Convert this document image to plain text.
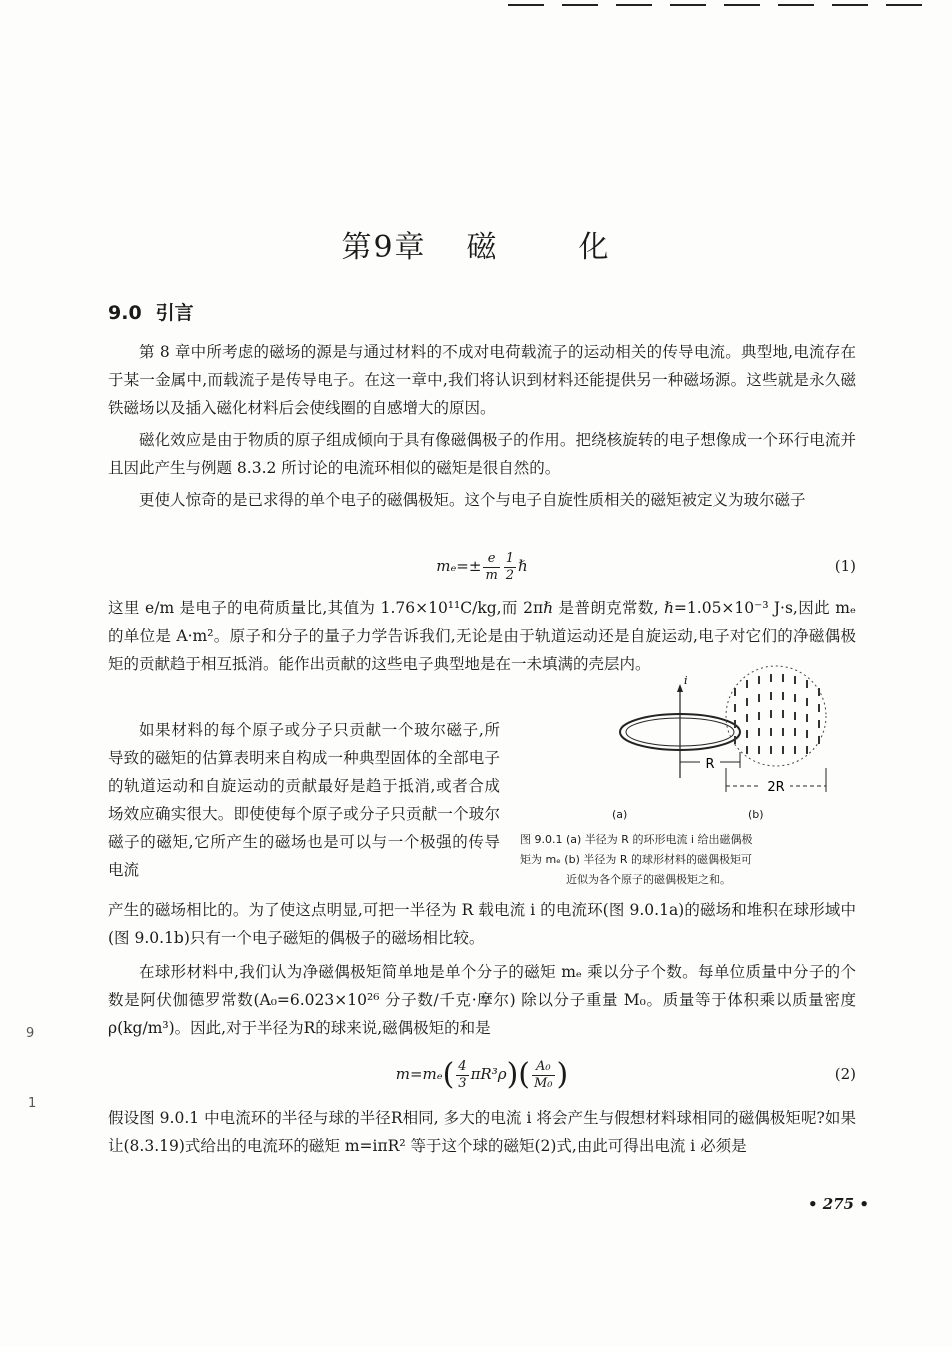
第9章 磁	化
9.0 引言

第 8 章中所考虑的磁场的源是与通过材料的不成对电荷载流子的运动相关的传导电流。典型地,电流存在于某一金属中,而载流子是传导电子。在这一章中,我们将认识到材料还能提供另一种磁场源。这些就是永久磁铁磁场以及插入磁化材料后会使线圈的自感增大的原因。

磁化效应是由于物质的原子组成倾向于具有像磁偶极子的作用。把绕核旋转的电子想像成一个环行电流并且因此产生与例题 8.3.2 所讨论的电流环相似的磁矩是很自然的。

更使人惊奇的是已求得的单个电子的磁偶极矩。这个与电子自旋性质相关的磁矩被定义为玻尔磁子

$m_e=\pm \frac{e}{m} \frac{1}{2}$ ℏ	(1)

这里 e/m 是电子的电荷质量比,其值为 1.76×10¹¹C/kg,而 2πℏ 是普朗克常数, ℏ=1.05×10⁻³ J·s,因此 mₑ 的单位是 A·m²。原子和分子的量子力学告诉我们,无论是由于轨道运动还是自旋运动,电子对它们的净磁偶极矩的贡献趋于相互抵消。能作出贡献的这些电子典型地是在一未填满的壳层内。

如果材料的每个原子或分子只贡献一个玻尔磁子,所导致的磁矩的估算表明来自构成一种典型固体的全部电子的轨道运动和自旋运动的贡献最好是趋于抵消,或者合成场效应确实很大。即使使每个原子或分子只贡献一个玻尔磁子的磁矩,它所产生的磁场也是可以与一个极强的传导电流

R
i
2R
(a)	(b)
图 9.0.1 (a) 半径为 R 的环形电流 i 给出磁偶极
矩为 mₑ (b) 半径为 R 的球形材料的磁偶极矩可
近似为各个原子的磁偶极矩之和。

产生的磁场相比的。为了使这点明显,可把一半径为 R 载电流 i 的电流环(图 9.0.1a)的磁场和堆积在球形域中(图 9.0.1b)只有一个电子磁矩的偶极子的磁场相比较。

在球形材料中,我们认为净磁偶极矩简单地是单个分子的磁矩 mₑ 乘以分子个数。每单位质量中分子的个数是阿伏伽德罗常数(A₀=6.023×10²⁶ 分子数/千克·摩尔) 除以分子重量 M₀。质量等于体积乘以质量密度 ρ(kg/m³)。因此,对于半径为R的球来说,磁偶极矩的和是

$m=m_e( \frac{4}{3} \pi R^3\rho)( \frac{\text{A₀}}{\text{M₀}}$ )	(2)

假设图 9.0.1 中电流环的半径与球的半径R相同, 多大的电流 i 将会产生与假想材料球相同的磁偶极矩呢?如果让(8.3.19)式给出的电流环的磁矩 m=iπR² 等于这个球的磁矩(2)式,由此可得出电流 i 必须是

• 275 •
9
1
